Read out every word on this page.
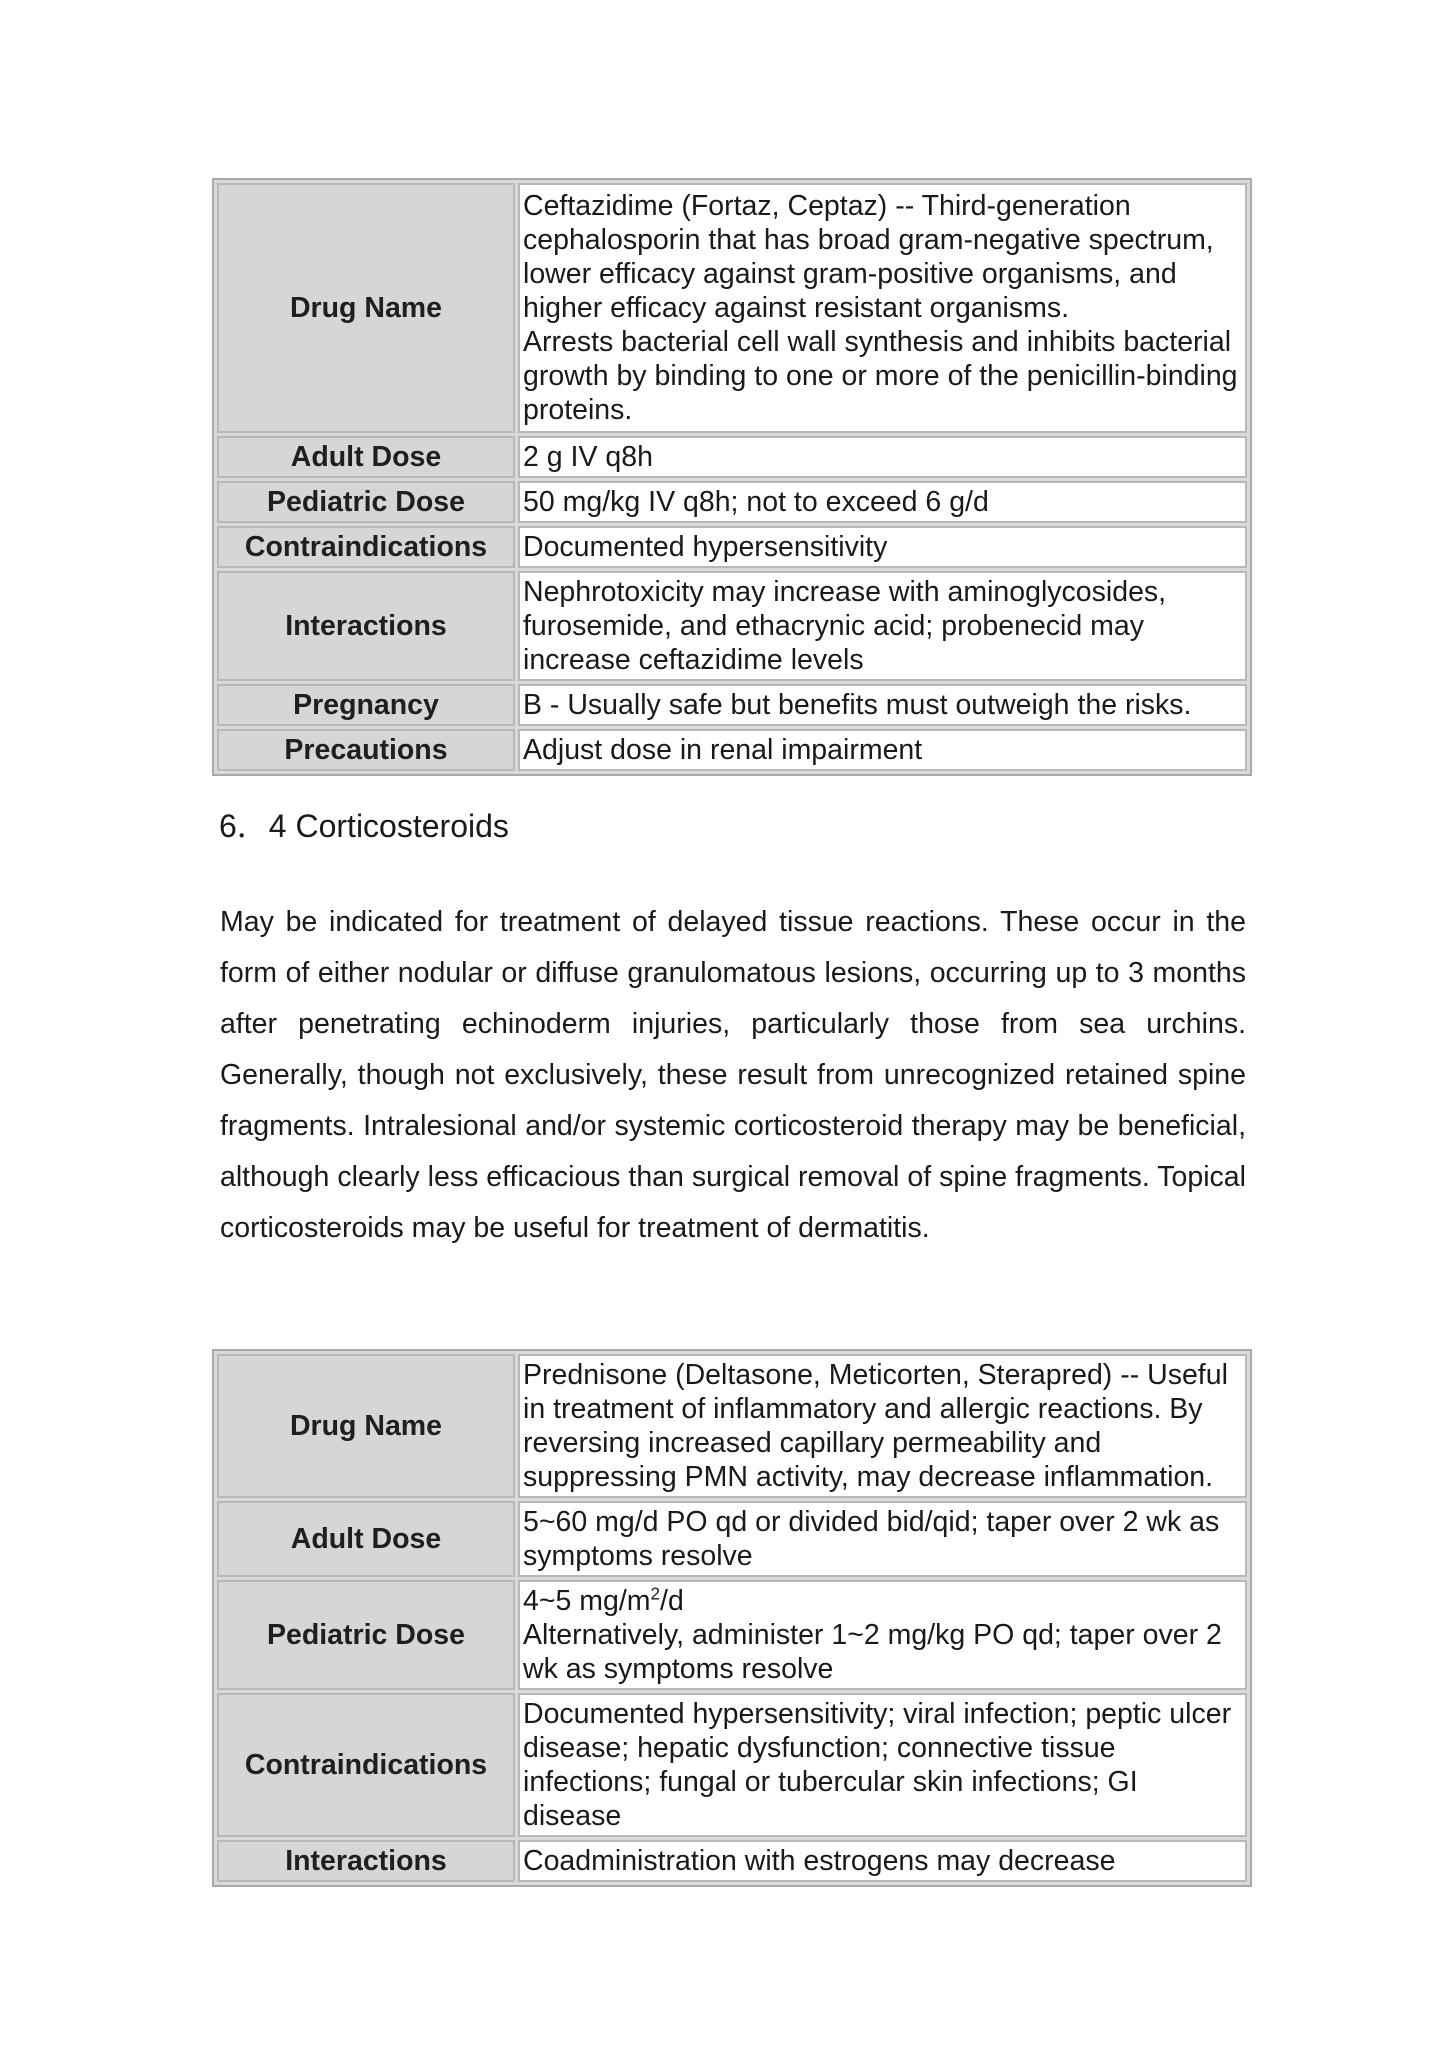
Drug Name	Ceftazidime (Fortaz, Ceptaz) -- Third-generation cephalosporin that has broad gram-negative spectrum, lower efficacy against gram-positive organisms, and higher efficacy against resistant organisms.

Arrests bacterial cell wall synthesis and inhibits bacterial growth by binding to one or more of the penicillin-binding proteins.

Adult Dose	2 g IV q8h
Pediatric Dose	50 mg/kg IV q8h; not to exceed 6 g/d
Contraindications	Documented hypersensitivity
Interactions	Nephrotoxicity may increase with aminoglycosides, furosemide, and ethacrynic acid; probenecid may increase ceftazidime levels
Pregnancy	B - Usually safe but benefits must outweigh the risks.
Precautions	Adjust dose in renal impairment
6．4 Corticosteroids

May be indicated for treatment of delayed tissue reactions. These occur in the form of either nodular or diffuse granulomatous lesions, occurring up to 3 months after penetrating echinoderm injuries, particularly those from sea urchins. Generally, though not exclusively, these result from unrecognized retained spine fragments. Intralesional and/or systemic corticosteroid therapy may be beneficial, although clearly less efficacious than surgical removal of spine fragments. Topical corticosteroids may be useful for treatment of dermatitis.

Drug Name	Prednisone (Deltasone, Meticorten, Sterapred) -- Useful in treatment of inflammatory and allergic reactions. By reversing increased capillary permeability and suppressing PMN activity, may decrease inflammation.
Adult Dose	5~60 mg/d PO qd or divided bid/qid; taper over 2 wk as symptoms resolve
Pediatric Dose	4~5 $mg/m^2/d$

Alternatively, administer 1~2 mg/kg PO qd; taper over 2 wk as symptoms resolve

Contraindications	Documented hypersensitivity; viral infection; peptic ulcer disease; hepatic dysfunction; connective tissue infections; fungal or tubercular skin infections; GI disease
Interactions	Coadministration with estrogens may decrease
